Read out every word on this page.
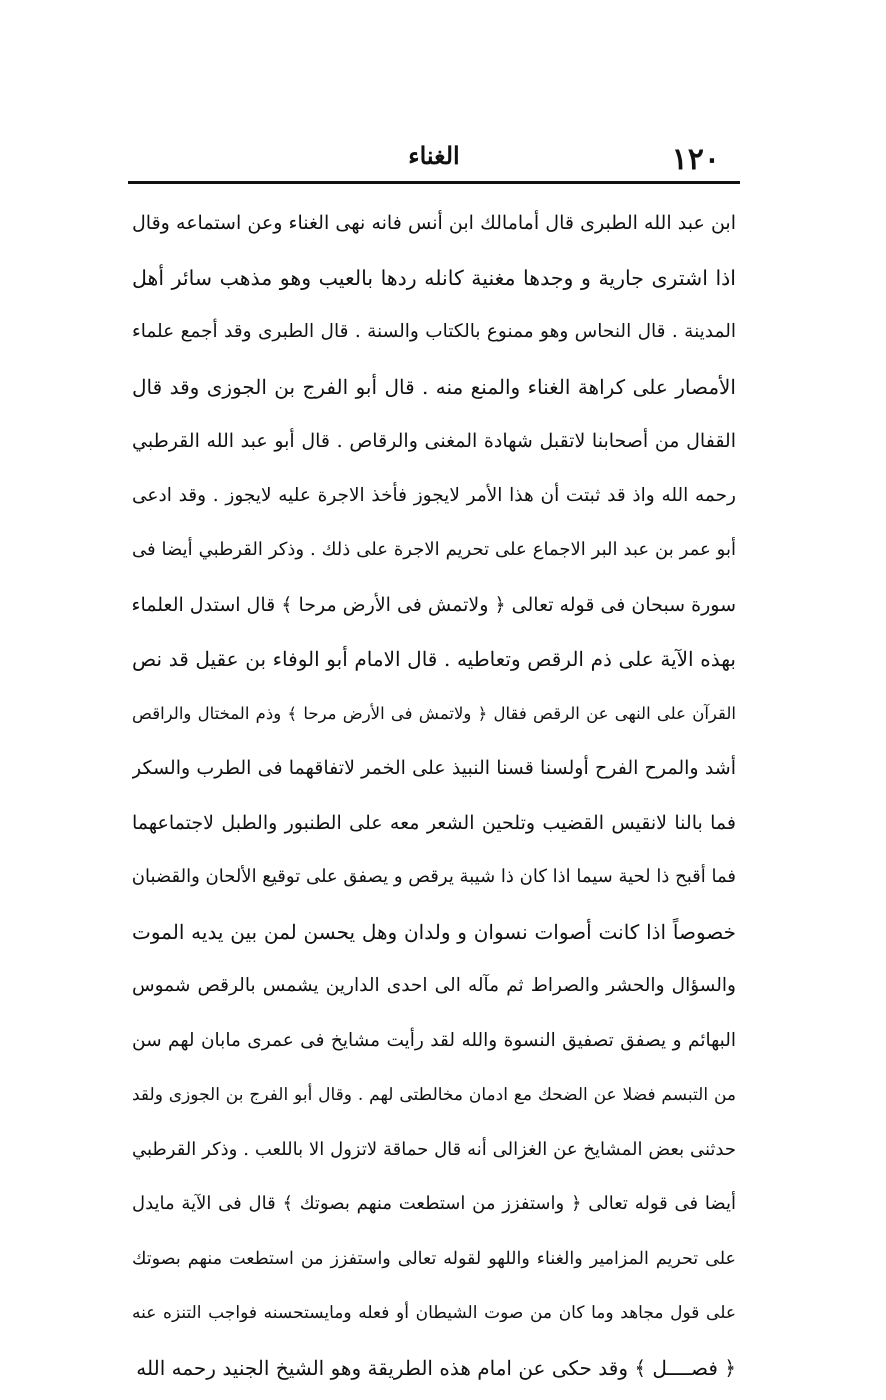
١٢٠
الغناء
ابن عبد الله الطبرى قال أمامالك ابن أنس فانه نهى الغناء وعن استماعه وقال
اذا اشترى جارية و وجدها مغنية كانله ردها بالعيب وهو مذهب سائر أهل
المدينة . قال النحاس وهو ممنوع بالكتاب والسنة . قال الطبرى وقد أجمع علماء
الأمصار على كراهة الغناء والمنع منه . قال أبو الفرج بن الجوزى وقد قال
القفال من أصحابنا لاتقبل شهادة المغنى والرقاص . قال أبو عبد الله القرطبي
رحمه الله واذ قد ثبتت أن هذا الأمر لايجوز فأخذ الاجرة عليه لايجوز . وقد ادعى
أبو عمر بن عبد البر الاجماع على تحريم الاجرة على ذلك . وذكر القرطبي أيضا فى
سورة سبحان فى قوله تعالى ﴿ ولاتمش فى الأرض مرحا ﴾ قال استدل العلماء
بهذه الآية على ذم الرقص وتعاطيه . قال الامام أبو الوفاء بن عقيل قد نص
القرآن على النهى عن الرقص فقال ﴿ ولاتمش فى الأرض مرحا ﴾ وذم المختال والراقص
أشد والمرح الفرح أولسنا قسنا النبيذ على الخمر لاتفاقهما فى الطرب والسكر
فما بالنا لانقيس القضيب وتلحين الشعر معه على الطنبور والطبل لاجتماعهما
فما أقبح ذا لحية سيما اذا كان ذا شيبة يرقص و يصفق على توقيع الألحان والقضبان
خصوصاً اذا كانت أصوات نسوان و ولدان وهل يحسن لمن بين يديه الموت
والسؤال والحشر والصراط ثم مآله الى احدى الدارين يشمس بالرقص شموس
البهائم و يصفق تصفيق النسوة والله لقد رأيت مشايخ فى عمرى مابان لهم سن
من التبسم فضلا عن الضحك مع ادمان مخالطتى لهم . وقال أبو الفرج بن الجوزى ولقد
حدثنى بعض المشايخ عن الغزالى أنه قال حماقة لاتزول الا باللعب . وذكر القرطبي
أيضا فى قوله تعالى ﴿ واستفزز من استطعت منهم بصوتك ﴾ قال فى الآية مايدل
على تحريم المزامير والغناء واللهو لقوله تعالى واستفزز من استطعت منهم بصوتك
على قول مجاهد وما كان من صوت الشيطان أو فعله ومايستحسنه فواجب التنزه عنه
﴿ فصــــل ﴾ وقد حكى عن امام هذه الطريقة وهو الشيخ الجنيد رحمه الله
